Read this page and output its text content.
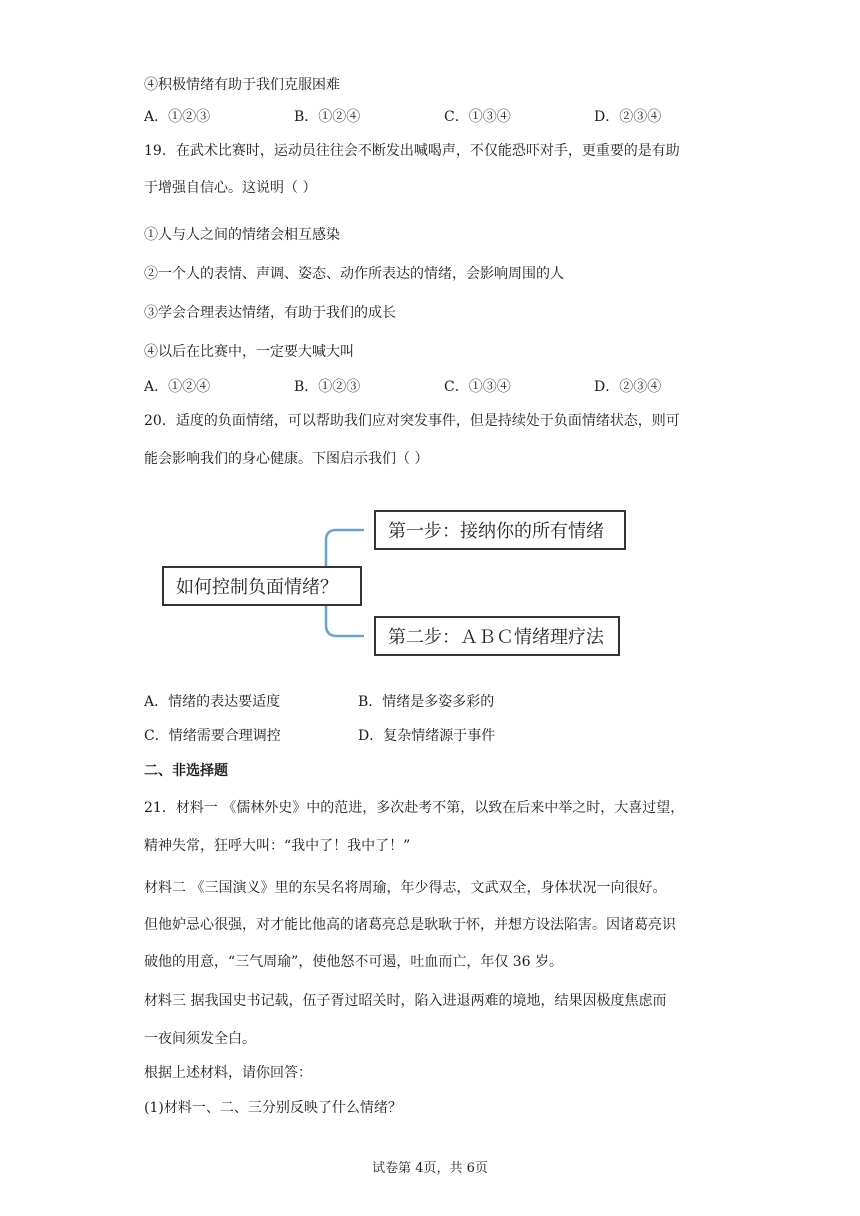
④积极情绪有助于我们克服困难
A．①②③	B．①②④	C．①③④	D．②③④
19．在武术比赛时，运动员往往会不断发出喊喝声，不仅能恐吓对手，更重要的是有助
于增强自信心。这说明（ ）
①人与人之间的情绪会相互感染
②一个人的表情、声调、姿态、动作所表达的情绪，会影响周围的人
③学会合理表达情绪，有助于我们的成长
④以后在比赛中，一定要大喊大叫
A．①②④	B．①②③	C．①③④	D．②③④
20．适度的负面情绪，可以帮助我们应对突发事件，但是持续处于负面情绪状态，则可
能会影响我们的身心健康。下图启示我们（ ）
如何控制负面情绪？
第一步：接纳你的所有情绪
第二步：ＡＢＣ情绪理疗法
A．情绪的表达要适度	B．情绪是多姿多彩的
C．情绪需要合理调控	D．复杂情绪源于事件
二、非选择题
21．材料一 《儒林外史》中的范进，多次赴考不第，以致在后来中举之时，大喜过望，
精神失常，狂呼大叫：“我中了！我中了！”
材料二 《三国演义》里的东吴名将周瑜，年少得志，文武双全，身体状况一向很好。
但他妒忌心很强，对才能比他高的诸葛亮总是耿耿于怀，并想方设法陷害。因诸葛亮识
破他的用意，“三气周瑜”，使他怒不可遏，吐血而亡，年仅 36 岁。
材料三 据我国史书记载，伍子胥过昭关时，陷入进退两难的境地，结果因极度焦虑而
一夜间须发全白。
根据上述材料，请你回答：
(1)材料一、二、三分别反映了什么情绪？
试卷第 4页，共 6页
